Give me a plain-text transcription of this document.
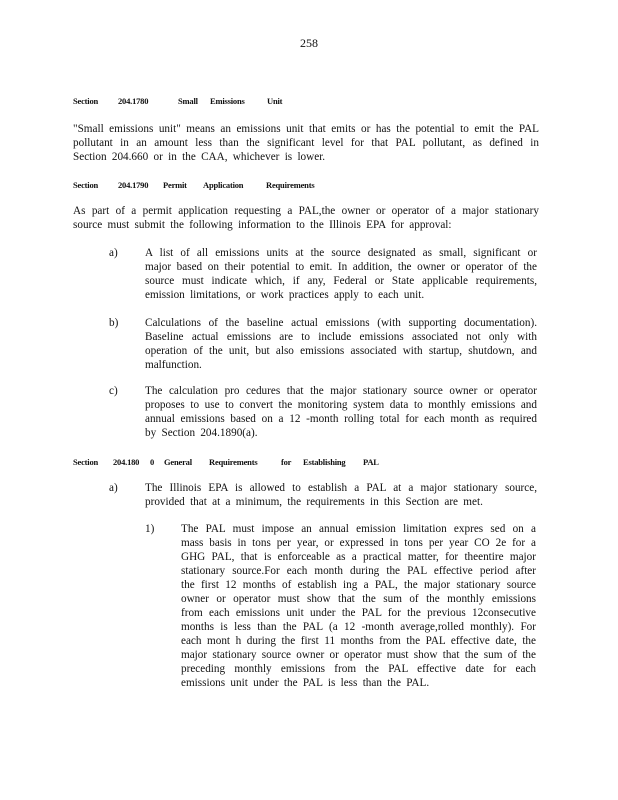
258
Section 204.1780	Small Emissions	Unit

"Small emissions unit" means an emissions unit that emits or has the potential to emit the PAL pollutant in an amount less than the significant level for that PAL pollutant, as defined in Section 204.660 or in the CAA, whichever is lower.

Section 204.1790 Permit Application	Requirements

As part of a permit application requesting a PAL,the owner or operator of a major stationary source must submit the following information to the Illinois EPA for approval:

a) A list of all emissions units at the source designated as small, significant or major based on their potential to emit. In addition, the owner or operator of the source must indicate which, if any, Federal or State applicable requirements, emission limitations, or work practices apply to each unit.

b) Calculations of the baseline actual emissions (with supporting documentation). Baseline actual emissions are to include emissions associated not only with operation of the unit, but also emissions associated with startup, shutdown, and malfunction.

c) The calculation pro cedures that the major stationary source owner or operator proposes to use to convert the monitoring system data to monthly emissions and annual emissions based on a 12 -month rolling total for each month as required by Section 204.1890(a).

Section 204.180 0 General Requirements	for Establishing PAL
a) The Illinois EPA is allowed to establish a PAL at a major stationary source, provided that at a minimum, the requirements in this Section are met.

1) The PAL must impose an annual emission limitation expres sed on a mass basis in tons per year, or expressed in tons per year CO 2e for a GHG PAL, that is enforceable as a practical matter, for theentire major stationary source.For each month during the PAL effective period after the first 12 months of establish ing a PAL, the major stationary source owner or operator must show that the sum of the monthly emissions from each emissions unit under the PAL for the previous 12consecutive months is less than the PAL (a 12 -month average,rolled monthly). For each mont h during the first 11 months from the PAL effective date, the major stationary source owner or operator must show that the sum of the preceding monthly emissions from the PAL effective date for each emissions unit under the PAL is less than the PAL.
